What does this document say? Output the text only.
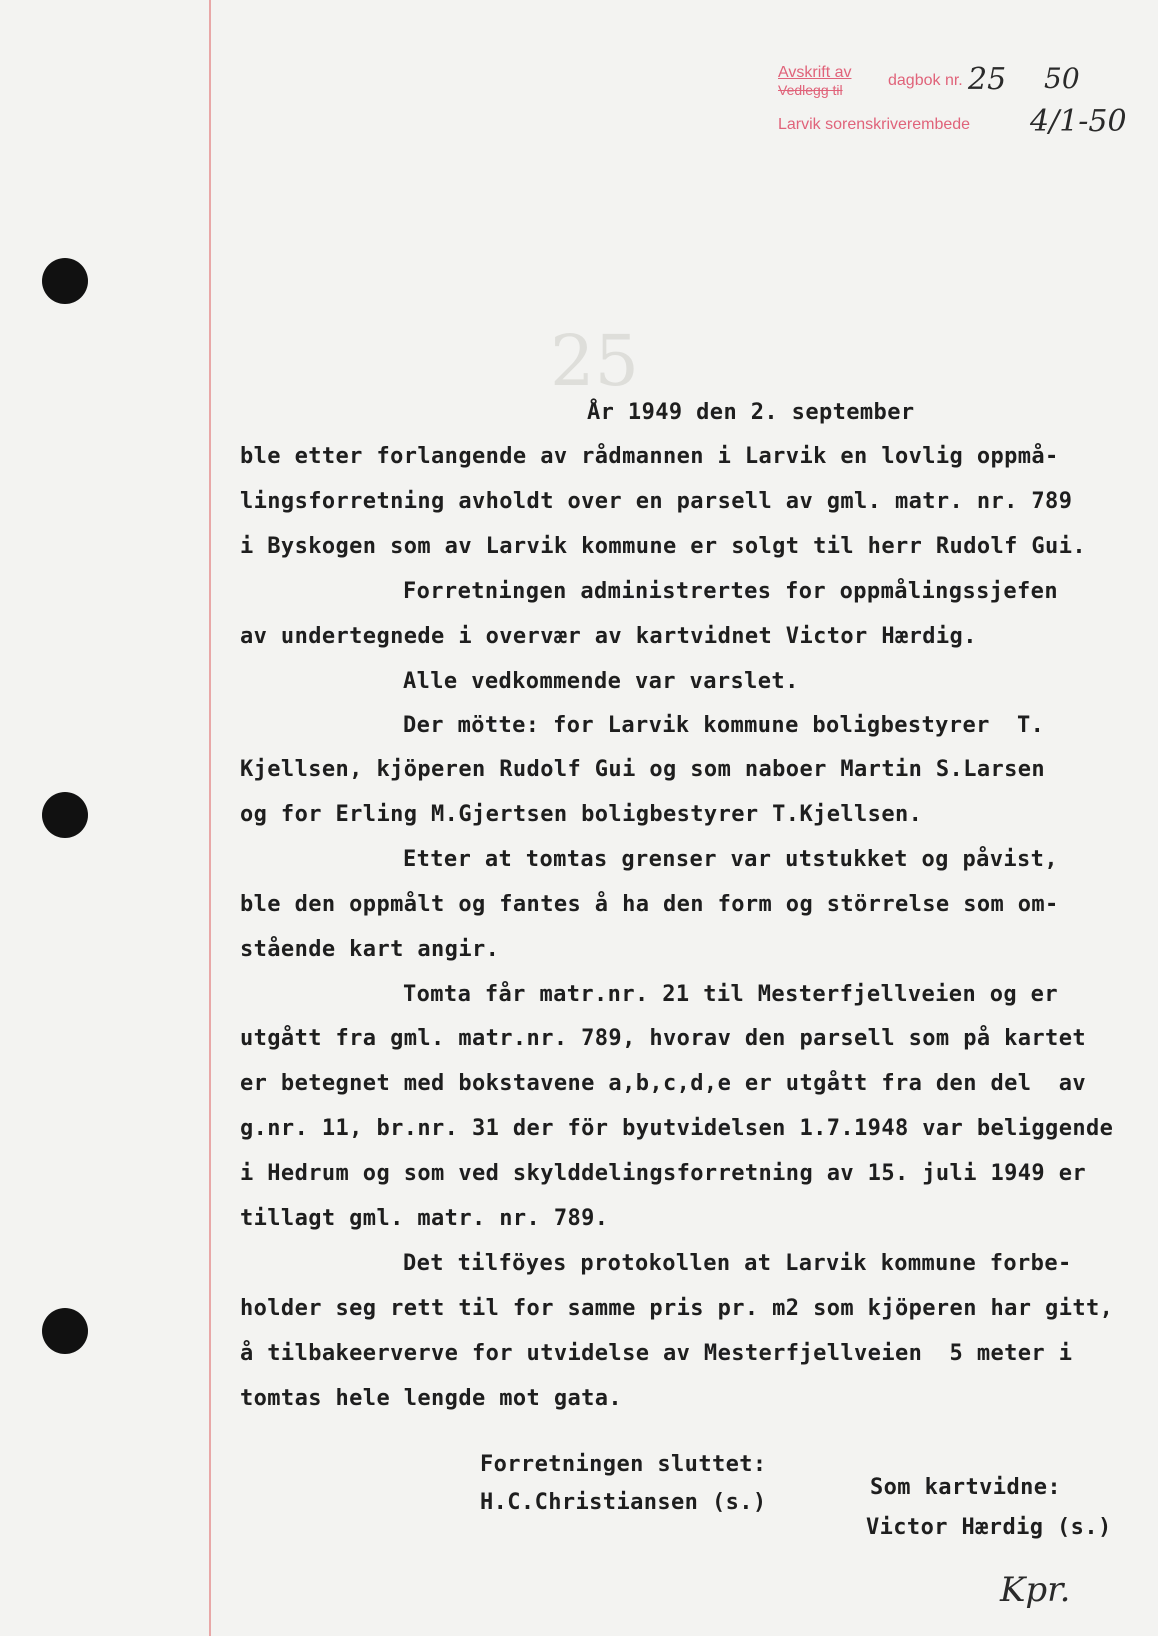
25
Avskrift av
Vedlegg til
dagbok nr.
Larvik sorenskriverembede
25 50
4/1-50

År 1949 den 2. september

ble etter forlangende av rådmannen i Larvik en lovlig oppmå-

lingsforretning avholdt over en parsell av gml. matr. nr. 789

i Byskogen som av Larvik kommune er solgt til herr Rudolf Gui.

Forretningen administrertes for oppmålingssjefen

av undertegnede i overvær av kartvidnet Victor Hærdig.

Alle vedkommende var varslet.

Der mötte: for Larvik kommune boligbestyrer  T.

Kjellsen, kjöperen Rudolf Gui og som naboer Martin S.Larsen

og for Erling M.Gjertsen boligbestyrer T.Kjellsen.

Etter at tomtas grenser var utstukket og påvist,

ble den oppmålt og fantes å ha den form og störrelse som om-

stående kart angir.

Tomta får matr.nr. 21 til Mesterfjellveien og er

utgått fra gml. matr.nr. 789, hvorav den parsell som på kartet

er betegnet med bokstavene a,b,c,d,e er utgått fra den del  av

g.nr. 11, br.nr. 31 der för byutvidelsen 1.7.1948 var beliggende

i Hedrum og som ved skylddelingsforretning av 15. juli 1949 er

tillagt gml. matr. nr. 789.

Det tilföyes protokollen at Larvik kommune forbe-

holder seg rett til for samme pris pr. m2 som kjöperen har gitt,

å tilbakeerverve for utvidelse av Mesterfjellveien  5 meter i

tomtas hele lengde mot gata.

Forretningen sluttet:

H.C.Christiansen (s.)

Som kartvidne:

Victor Hærdig (s.)

Kpr.
